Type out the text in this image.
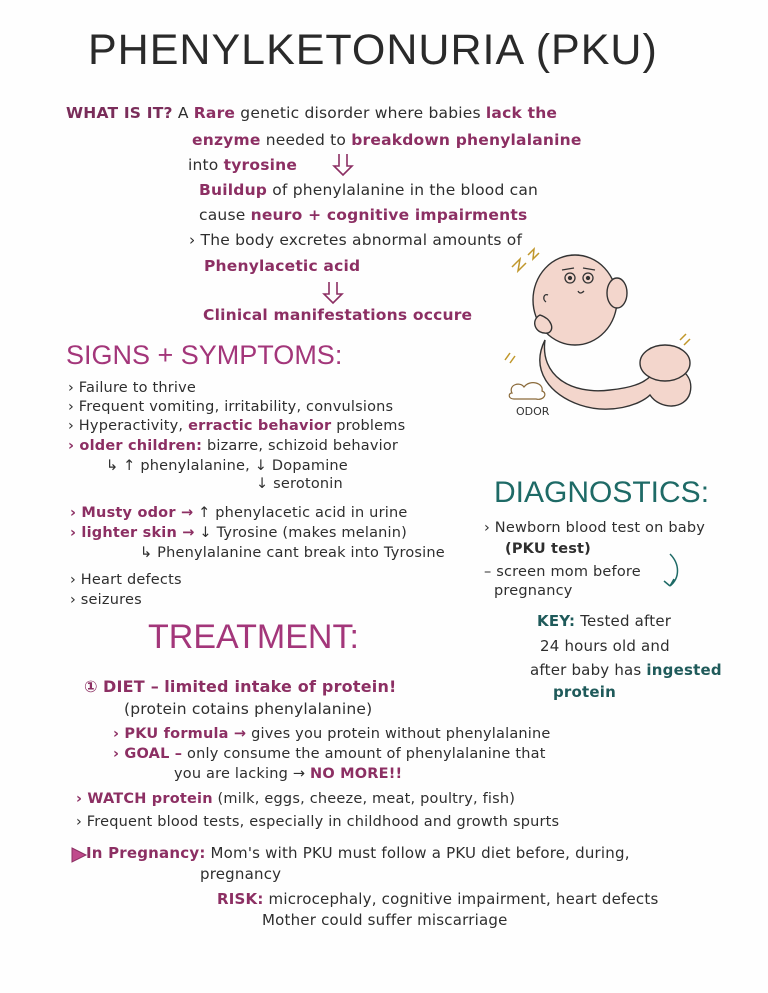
PHENYLKETONURIA (PKU)
WHAT IS IT? A Rare genetic disorder where babies lack the
enzyme needed to breakdown phenylalanine
into tyrosine
Buildup of phenylalanine in the blood can
cause neuro + cognitive impairments
› The body excretes abnormal amounts of
Phenylacetic acid
Clinical manifestations occure
ODOR
SIGNS + SYMPTOMS:
› Failure to thrive
› Frequent vomiting, irritability, convulsions
› Hyperactivity, erractic behavior problems
› older children: bizarre, schizoid behavior
↳ ↑ phenylalanine, ↓ Dopamine
↓ serotonin
› Musty odor → ↑ phenylacetic acid in urine
› lighter skin → ↓ Tyrosine (makes melanin)
↳ Phenylalanine cant break into Tyrosine
› Heart defects
› seizures
DIAGNOSTICS:
› Newborn blood test on baby
(PKU test)
– screen mom before
pregnancy
KEY: Tested after
24 hours old and
after baby has ingested
protein
TREATMENT:
① DIET – limited intake of protein!
(protein cotains phenylalanine)
› PKU formula → gives you protein without phenylalanine
› GOAL – only consume the amount of phenylalanine that
you are lacking → NO MORE!!
› WATCH protein (milk, eggs, cheeze, meat, poultry, fish)
› Frequent blood tests, especially in childhood and growth spurts
In Pregnancy: Mom's with PKU must follow a PKU diet before, during,
pregnancy
RISK: microcephaly, cognitive impairment, heart defects
Mother could suffer miscarriage
